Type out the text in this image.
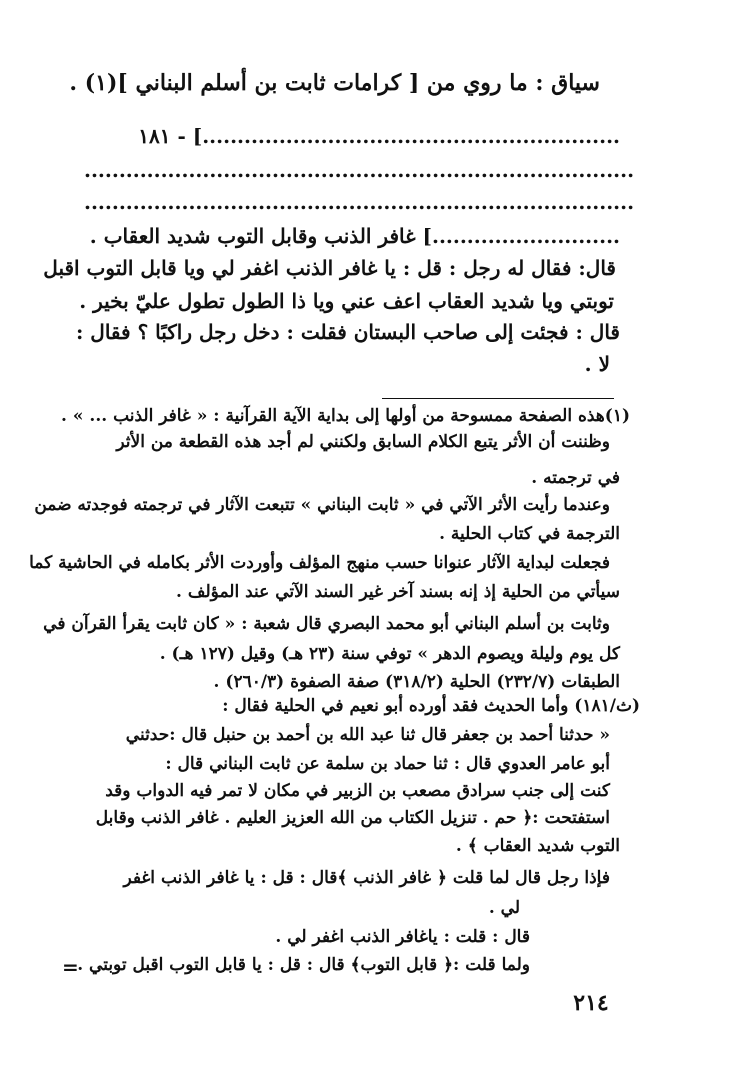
سياق : ما روي من [ كرامات ثابت بن أسلم البناني ](١) .
١٨١ - [............................................................
...............................................................................
...............................................................................
...........................] غافر الذنب وقابل التوب شديد العقاب .
قال: فقال له رجل : قل : يا غافر الذنب اغفر لي ويا قابل التوب اقبل
توبتي ويا شديد العقاب اعف عني ويا ذا الطول تطول عليّ بخير .
قال : فجئت إلى صاحب البستان فقلت : دخل رجل راكبًا ؟ فقال :
لا .
(١)هذه الصفحة ممسوحة من أولها إلى بداية الآية القرآنية : « غافر الذنب ... » .
وظننت أن الأثر يتبع الكلام السابق ولكنني لم أجد هذه القطعة من الأثر
في ترجمته .
وعندما رأيت الأثر الآتي في « ثابت البناني » تتبعت الآثار في ترجمته فوجدته ضمن
الترجمة في كتاب الحلية .
فجعلت لبداية الآثار عنوانا حسب منهج المؤلف وأوردت الأثر بكامله في الحاشية كما
سيأتي من الحلية إذ إنه بسند آخر غير السند الآتي عند المؤلف .
وثابت بن أسلم البناني أبو محمد البصري قال شعبة : « كان ثابت يقرأ القرآن في
كل يوم وليلة ويصوم الدهر » توفي سنة (٢٣ هـ) وقيل (١٢٧ هـ) .
الطبقات (٢٣٢/٧) الحلية (٣١٨/٢) صفة الصفوة (٢٦٠/٣) .
(ث/١٨١) وأما الحديث فقد أورده أبو نعيم في الحلية فقال :
« حدثنا أحمد بن جعفر قال ثنا عبد الله بن أحمد بن حنبل قال :حدثني
أبو عامر العدوي قال : ثنا حماد بن سلمة عن ثابت البناني قال :
كنت إلى جنب سرادق مصعب بن الزبير في مكان لا تمر فيه الدواب وقد
استفتحت :﴿ حم . تنزيل الكتاب من الله العزيز العليم . غافر الذنب وقابل
التوب شديد العقاب ﴾ .
فإذا رجل قال لما قلت ﴿ غافر الذنب ﴾قال : قل : يا غافر الذنب اغفر
لي .
قال : قلت : ياغافر الذنب اغفر لي .
ولما قلت :﴿ قابل التوب﴾ قال : قل : يا قابل التوب اقبل توبتي .
=
٢١٤
